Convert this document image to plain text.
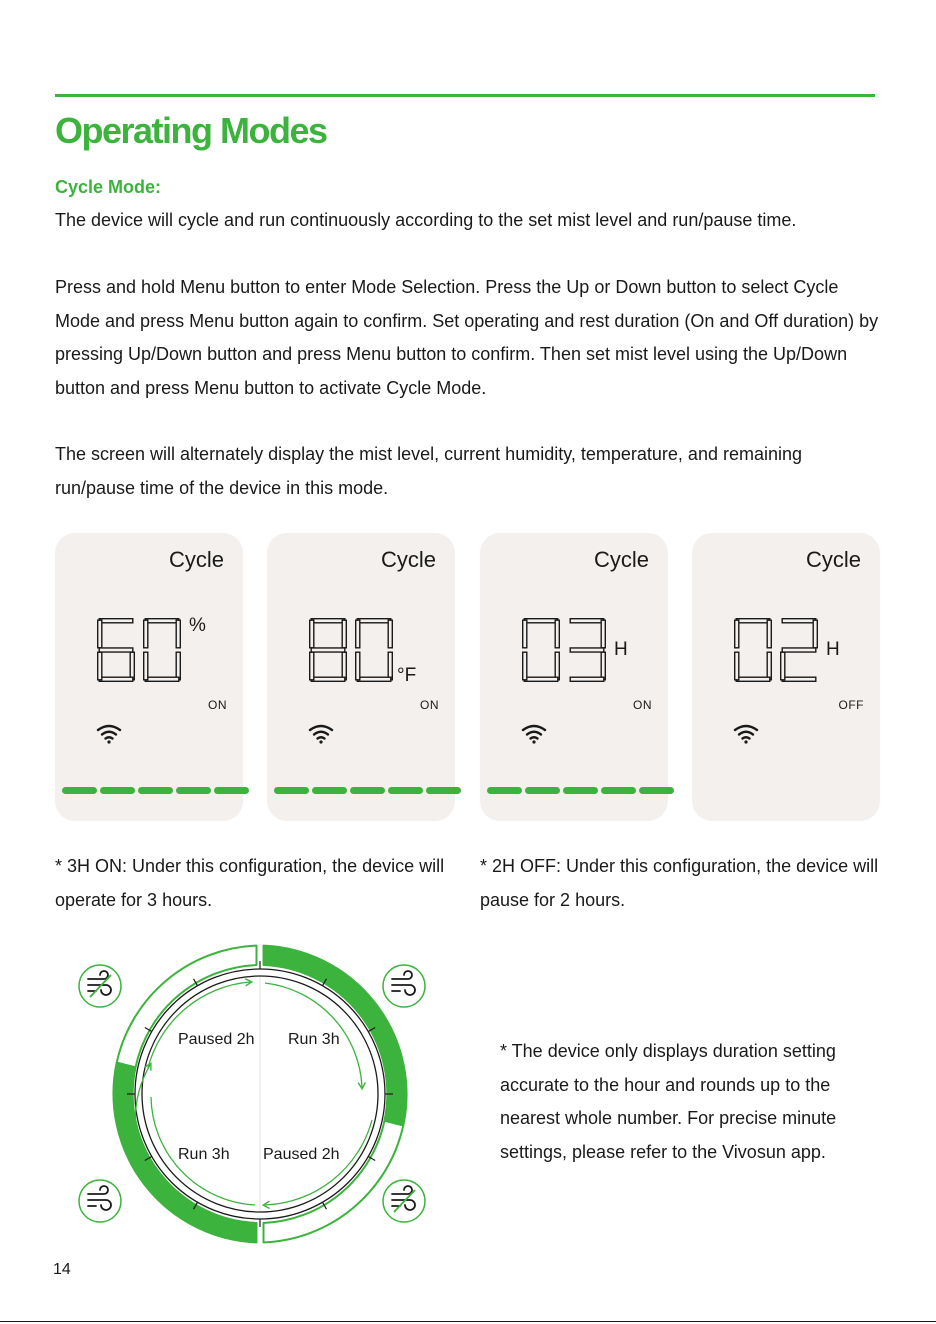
Operating Modes
Cycle Mode:

The device will cycle and run continuously according to the set mist level and run/pause time.

Press and hold Menu button to enter Mode Selection. Press the Up or Down button to select Cycle Mode and press Menu button again to confirm. Set operating and rest duration (On and Off duration) by pressing Up/Down button and press Menu button to confirm. Then set mist level using the Up/Down button and press Menu button to activate Cycle Mode.

The screen will alternately display the mist level, current humidity, temperature, and remaining run/pause time of the device in this mode.

Cycle
%
ON
Cycle
°F
ON
Cycle
H
ON
Cycle
H
OFF

* 3H ON: Under this configuration, the device will operate for 3 hours.

* 2H OFF: Under this configuration, the device will pause for 2 hours.

Paused 2h Run 3h
Run 3h Paused 2h

* The device only displays duration setting accurate to the hour and rounds up to the nearest whole number. For precise minute settings, please refer to the Vivosun app.

14
